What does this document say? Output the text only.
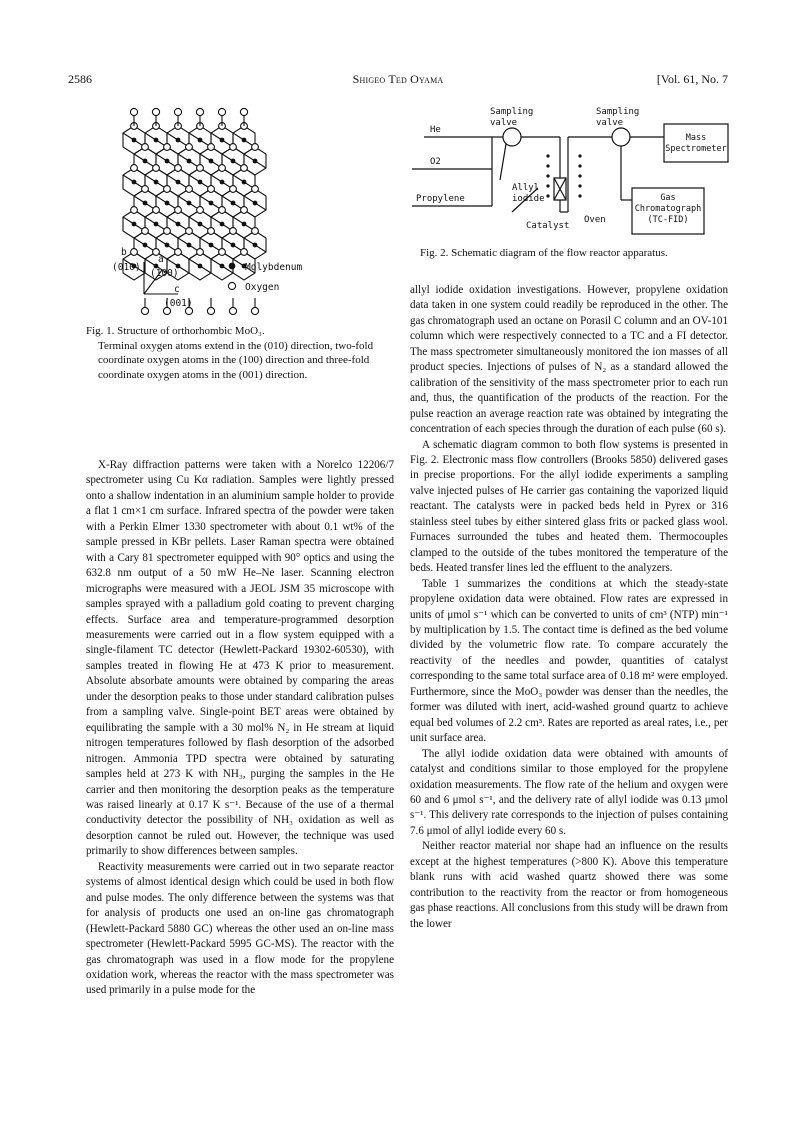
2586	Shigeo Ted Oyama	[Vol. 61, No. 7
b
(010)
a
(100)
c
(001)
Molybdenum
Oxygen

Fig. 1. Structure of orthorhombic MoO₃.

Terminal oxygen atoms extend in the (010) direction, two-fold coordinate oxygen atoms in the (100) direction and three-fold coordinate oxygen atoms in the (001) direction.

He
O2
Propylene
Sampling valve
Sampling valve
Allyl iodide
Catalyst
Oven
Mass Spectrometer
Gas Chromatograph (TC-FID)

Fig. 2. Schematic diagram of the flow reactor apparatus.

X-Ray diffraction patterns were taken with a Norelco 12206/7 spectrometer using Cu Kα radiation. Samples were lightly pressed onto a shallow indentation in an aluminium sample holder to provide a flat 1 cm×1 cm surface. Infrared spectra of the powder were taken with a Perkin Elmer 1330 spectrometer with about 0.1 wt% of the sample pressed in KBr pellets. Laser Raman spectra were obtained with a Cary 81 spectrometer equipped with 90° optics and using the 632.8 nm output of a 50 mW He–Ne laser. Scanning electron micrographs were measured with a JEOL JSM 35 microscope with samples sprayed with a palladium gold coating to prevent charging effects. Surface area and temperature-programmed desorption measurements were carried out in a flow system equipped with a single-filament TC detector (Hewlett-Packard 19302-60530), with samples treated in flowing He at 473 K prior to measurement. Absolute absorbate amounts were obtained by comparing the areas under the desorption peaks to those under standard calibration pulses from a sampling valve. Single-point BET areas were obtained by equilibrating the sample with a 30 mol% N₂ in He stream at liquid nitrogen temperatures followed by flash desorption of the adsorbed nitrogen. Ammonia TPD spectra were obtained by saturating samples held at 273 K with NH₃, purging the samples in the He carrier and then monitoring the desorption peaks as the temperature was raised linearly at 0.17 K s⁻¹. Because of the use of a thermal conductivity detector the possibility of NH₃ oxidation as well as desorption cannot be ruled out. However, the technique was used primarily to show differences between samples.

Reactivity measurements were carried out in two separate reactor systems of almost identical design which could be used in both flow and pulse modes. The only difference between the systems was that for analysis of products one used an on-line gas chromatograph (Hewlett-Packard 5880 GC) whereas the other used an on-line mass spectrometer (Hewlett-Packard 5995 GC-MS). The reactor with the gas chromatograph was used in a flow mode for the propylene oxidation work, whereas the reactor with the mass spectrometer was used primarily in a pulse mode for the

allyl iodide oxidation investigations. However, propylene oxidation data taken in one system could readily be reproduced in the other. The gas chromatograph used an octane on Porasil C column and an OV-101 column which were respectively connected to a TC and a FI detector. The mass spectrometer simultaneously monitored the ion masses of all product species. Injections of pulses of N₂ as a standard allowed the calibration of the sensitivity of the mass spectrometer prior to each run and, thus, the quantification of the products of the reaction. For the pulse reaction an average reaction rate was obtained by integrating the concentration of each species through the duration of each pulse (60 s).

A schematic diagram common to both flow systems is presented in Fig. 2. Electronic mass flow controllers (Brooks 5850) delivered gases in precise proportions. For the allyl iodide experiments a sampling valve injected pulses of He carrier gas containing the vaporized liquid reactant. The catalysts were in packed beds held in Pyrex or 316 stainless steel tubes by either sintered glass frits or packed glass wool. Furnaces surrounded the tubes and heated them. Thermocouples clamped to the outside of the tubes monitored the temperature of the beds. Heated transfer lines led the effluent to the analyzers.

Table 1 summarizes the conditions at which the steady-state propylene oxidation data were obtained. Flow rates are expressed in units of μmol s⁻¹ which can be converted to units of cm³ (NTP) min⁻¹ by multiplication by 1.5. The contact time is defined as the bed volume divided by the volumetric flow rate. To compare accurately the reactivity of the needles and powder, quantities of catalyst corresponding to the same total surface area of 0.18 m² were employed. Furthermore, since the MoO₃ powder was denser than the needles, the former was diluted with inert, acid-washed ground quartz to achieve equal bed volumes of 2.2 cm³. Rates are reported as areal rates, i.e., per unit surface area.

The allyl iodide oxidation data were obtained with amounts of catalyst and conditions similar to those employed for the propylene oxidation measurements. The flow rate of the helium and oxygen were 60 and 6 μmol s⁻¹, and the delivery rate of allyl iodide was 0.13 μmol s⁻¹. This delivery rate corresponds to the injection of pulses containing 7.6 μmol of allyl iodide every 60 s.

Neither reactor material nor shape had an influence on the results except at the highest temperatures (>800 K). Above this temperature blank runs with acid washed quartz showed there was some contribution to the reactivity from the reactor or from homogeneous gas phase reactions. All conclusions from this study will be drawn from the lower
